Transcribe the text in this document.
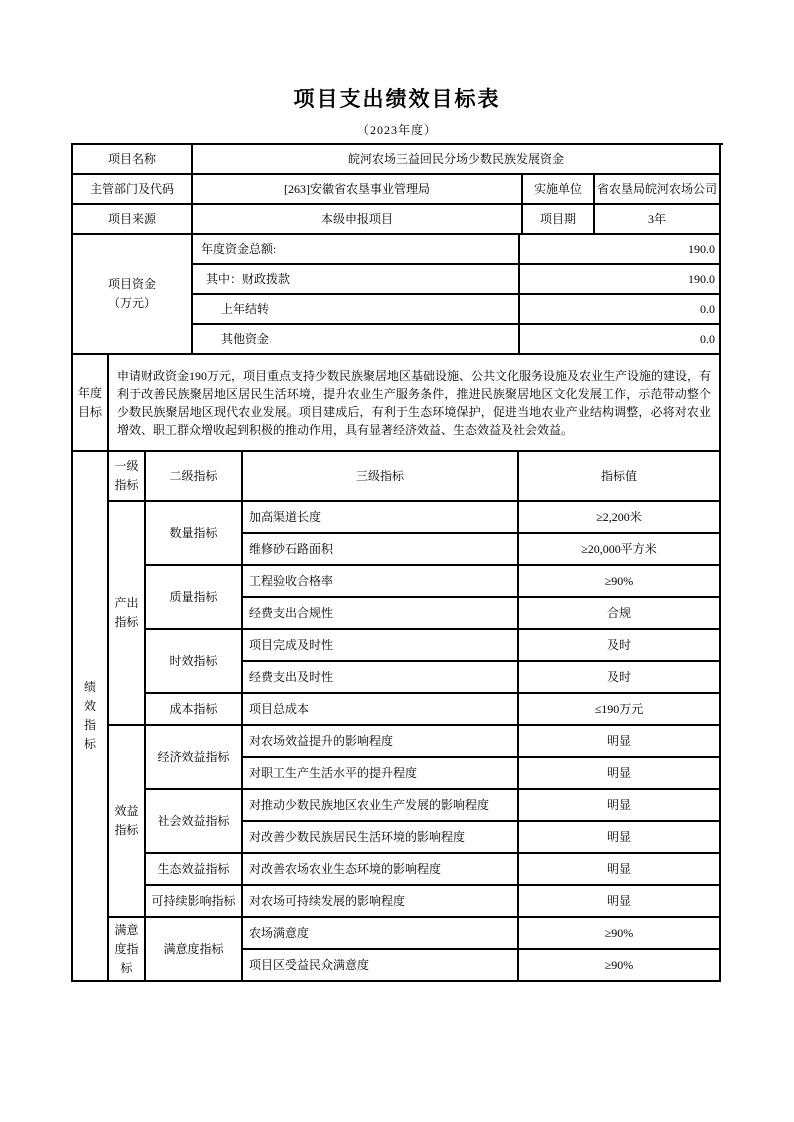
项目支出绩效目标表
（2023年度）
项目名称	皖河农场三益回民分场少数民族发展资金		
主管部门及代码	[263]安徽省农垦事业管理局	实施单位	省农垦局皖河农场公司
项目来源	本级申报项目	项目期	3年
项目资金（万元）	年度资金总额:	190.0
	其中：财政拨款	190.0
	上年结转	0.0
	其他资金	0.0
年度目标	申请财政资金190万元，项目重点支持少数民族聚居地区基础设施、公共文化服务设施及农业生产设施的建设，有利于改善民族聚居地区居民生活环境，提升农业生产服务条件，推进民族聚居地区文化发展工作，示范带动整个少数民族聚居地区现代农业发展。项目建成后，有利于生态环境保护，促进当地农业产业结构调整，必将对农业增效、职工群众增收起到积极的推动作用，具有显著经济效益、生态效益及社会效益。
绩效指标	一级指标	二级指标	三级指标	指标值
	产出指标	数量指标	加高渠道长度	≥2,200米
			维修砂石路面积	≥20,000平方米
		质量指标	工程验收合格率	≥90%
			经费支出合规性	合规
		时效指标	项目完成及时性	及时
			经费支出及时性	及时
		成本指标	项目总成本	≤190万元
	效益指标	经济效益指标	对农场效益提升的影响程度	明显
			对职工生产生活水平的提升程度	明显
		社会效益指标	对推动少数民族地区农业生产发展的影响程度	明显
			对改善少数民族居民生活环境的影响程度	明显
		生态效益指标	对改善农场农业生态环境的影响程度	明显
		可持续影响指标	对农场可持续发展的影响程度	明显
	满意度指标	满意度指标	农场满意度	≥90%
			项目区受益民众满意度	≥90%
